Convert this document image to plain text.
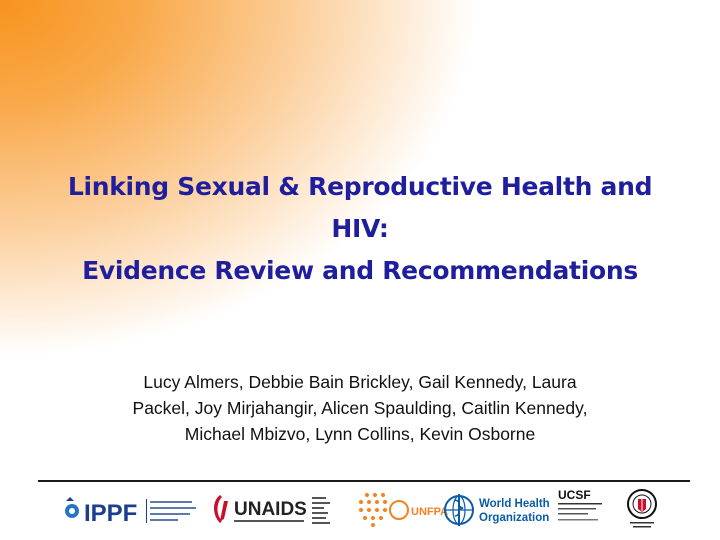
Linking Sexual & Reproductive Health and
HIV:
Evidence Review and Recommendations
Lucy Almers, Debbie Bain Brickley, Gail Kennedy, Laura
Packel, Joy Mirjahangir, Alicen Spaulding, Caitlin Kennedy,
Michael Mbizvo, Lynn Collins, Kevin Osborne
IPPF	UNAIDS	UNFPA
World Health
Organization
UCSF
